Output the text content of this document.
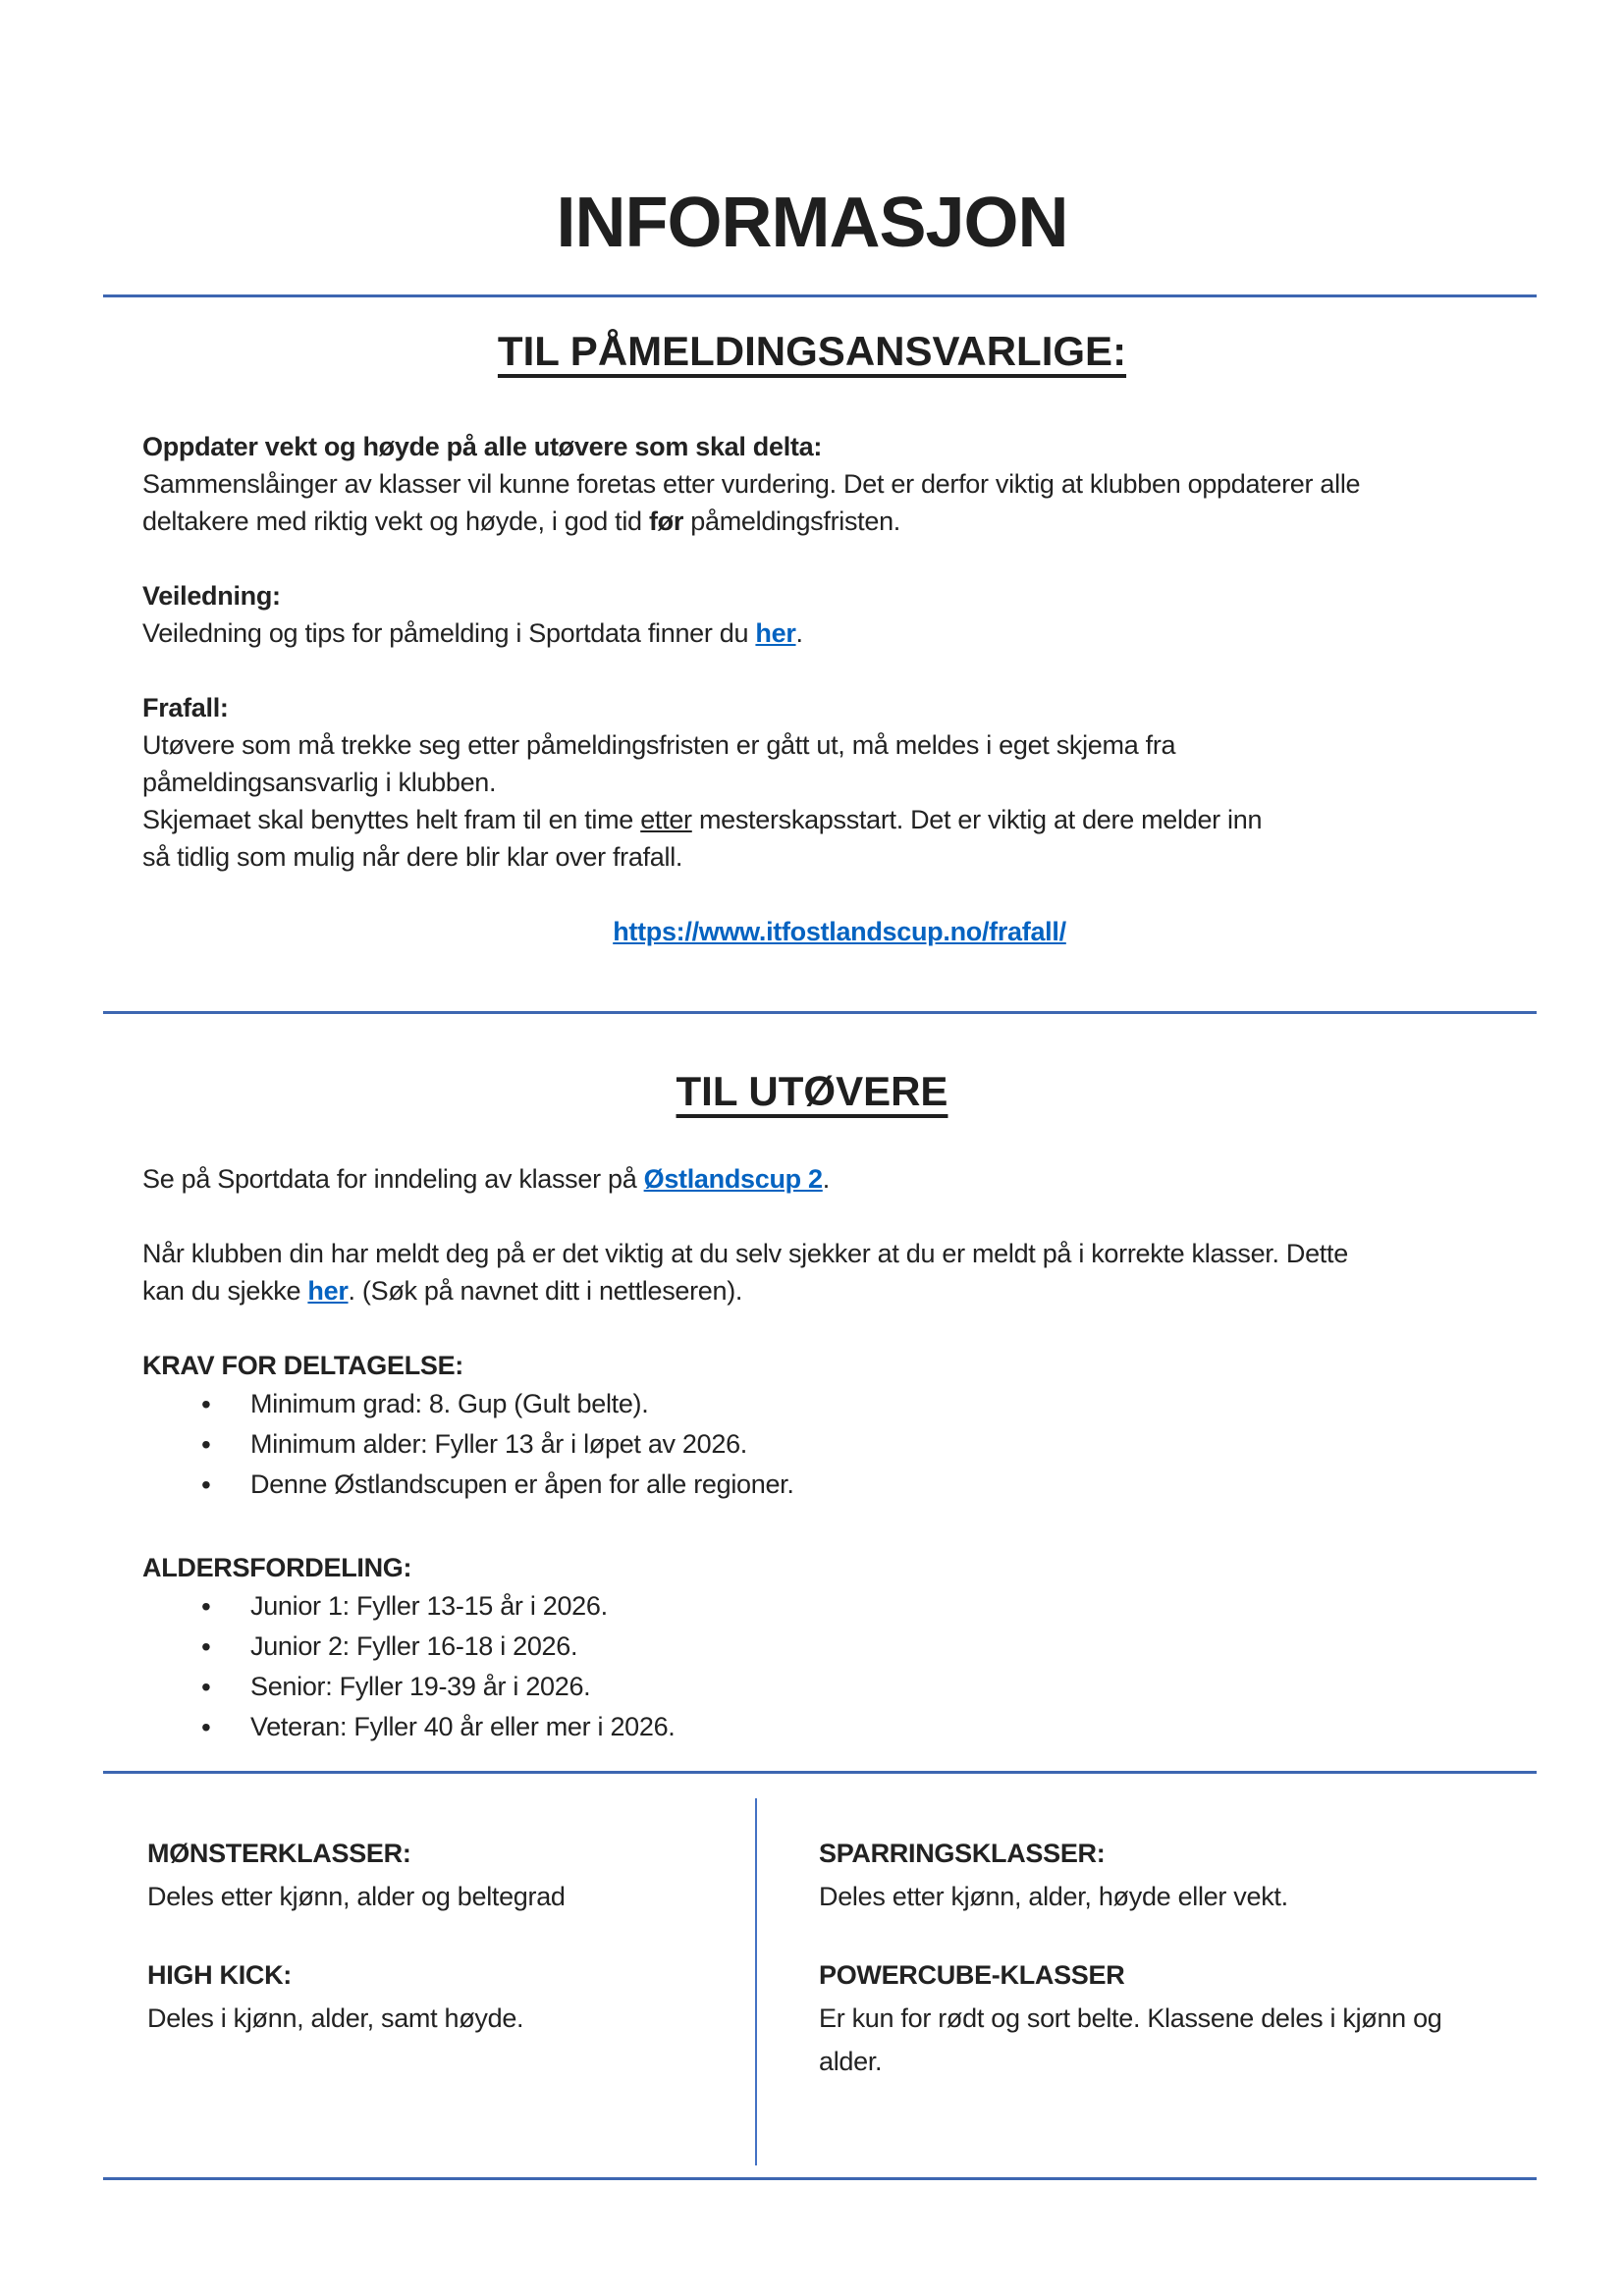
INFORMASJON
TIL PÅMELDINGSANSVARLIGE:

Oppdater vekt og høyde på alle utøvere som skal delta:

Sammenslåinger av klasser vil kunne foretas etter vurdering. Det er derfor viktig at klubben oppdaterer alle

deltakere med riktig vekt og høyde, i god tid før påmeldingsfristen.

Veiledning:

Veiledning og tips for påmelding i Sportdata finner du her.

Frafall:

Utøvere som må trekke seg etter påmeldingsfristen er gått ut, må meldes i eget skjema fra

påmeldingsansvarlig i klubben.

Skjemaet skal benyttes helt fram til en time etter mesterskapsstart. Det er viktig at dere melder inn

så tidlig som mulig når dere blir klar over frafall.

https://www.itfostlandscup.no/frafall/

TIL UTØVERE

Se på Sportdata for inndeling av klasser på Østlandscup 2.

Når klubben din har meldt deg på er det viktig at du selv sjekker at du er meldt på i korrekte klasser. Dette

kan du sjekke her. (Søk på navnet ditt i nettleseren).

KRAV FOR DELTAGELSE:

• Minimum grad: 8. Gup (Gult belte).
• Minimum alder: Fyller 13 år i løpet av 2026.
• Denne Østlandscupen er åpen for alle regioner.

ALDERSFORDELING:

• Junior 1: Fyller 13-15 år i 2026.
• Junior 2: Fyller 16-18 i 2026.
• Senior: Fyller 19-39 år i 2026.
• Veteran: Fyller 40 år eller mer i 2026.

MØNSTERKLASSER:

Deles etter kjønn, alder og beltegrad

HIGH KICK:

Deles i kjønn, alder, samt høyde.

SPARRINGSKLASSER:

Deles etter kjønn, alder, høyde eller vekt.

POWERCUBE-KLASSER

Er kun for rødt og sort belte. Klassene deles i kjønn og alder.
